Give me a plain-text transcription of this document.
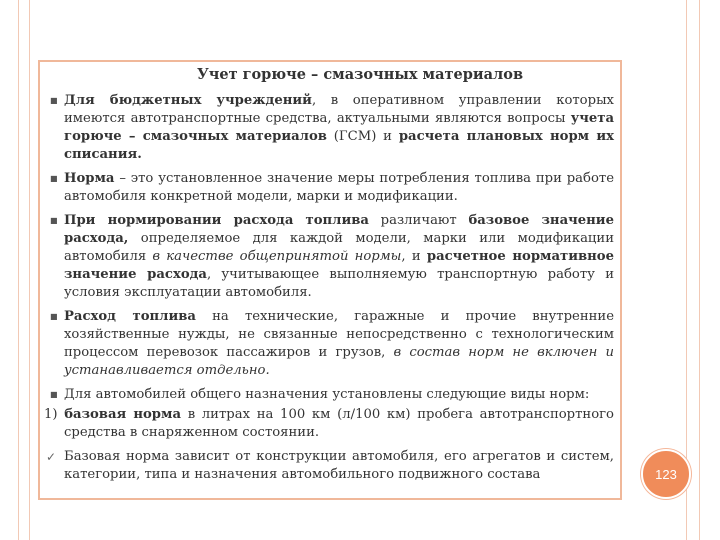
Учет горюче – смазочных материалов
■ Для бюджетных учреждений, в оперативном управлении которых имеются автотранспортные средства, актуальными являются вопросы учета горюче – смазочных материалов (ГСМ) и расчета плановых норм их списания.
■ Норма – это установленное значение меры потребления топлива при работе автомобиля конкретной модели, марки и модификации.
■ При нормировании расхода топлива различают базовое значение расхода, определяемое для каждой модели, марки или модификации автомобиля в качестве общепринятой нормы, и расчетное нормативное значение расхода, учитывающее выполняемую транспортную работу и условия эксплуатации автомобиля.
■ Расход топлива на технические, гаражные и прочие внутренние хозяйственные нужды, не связанные непосредственно с технологическим процессом перевозок пассажиров и грузов, в состав норм не включен и устанавливается отдельно.
■ Для автомобилей общего назначения установлены следующие виды норм:
1) базовая норма в литрах на 100 км (л/100 км) пробега автотранспортного средства в снаряженном состоянии.
✓ Базовая норма зависит от конструкции автомобиля, его агрегатов и систем, категории, типа и назначения автомобильного подвижного состава	123
